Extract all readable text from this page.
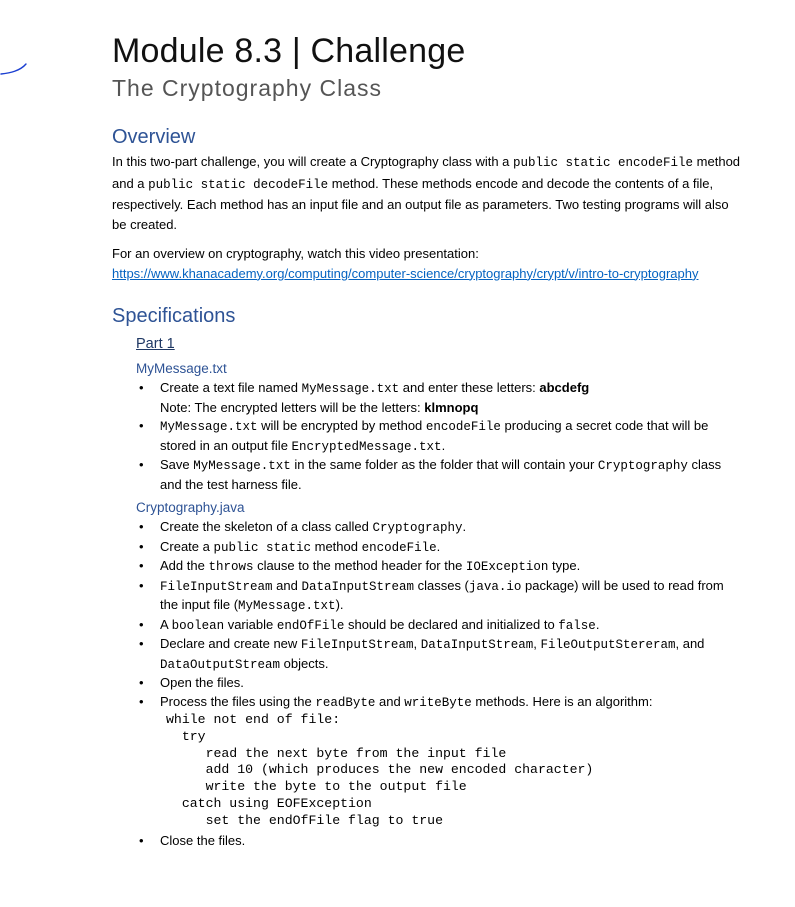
Module 8.3 | Challenge
The Cryptography Class
Overview

In this two-part challenge, you will create a Cryptography class with a public static encodeFile method and a public static decodeFile method. These methods encode and decode the contents of a file, respectively. Each method has an input file and an output file as parameters. Two testing programs will also be created.

For an overview on cryptography, watch this video presentation:
https://www.khanacademy.org/computing/computer-science/cryptography/crypt/v/intro-to-cryptography

Specifications
Part 1
MyMessage.txt
• Create a text file named MyMessage.txt and enter these letters: abcdefg
Note: The encrypted letters will be the letters: klmnopq
• MyMessage.txt will be encrypted by method encodeFile producing a secret code that will be stored in an output file EncryptedMessage.txt.
• Save MyMessage.txt in the same folder as the folder that will contain your Cryptography class and the test harness file.
Cryptography.java
• Create the skeleton of a class called Cryptography.
• Create a public static method encodeFile.
• Add the throws clause to the method header for the IOException type.
• FileInputStream and DataInputStream classes (java.io package) will be used to read from the input file (MyMessage.txt).
• A boolean variable endOfFile should be declared and initialized to false.
• Declare and create new FileInputStream, DataInputStream, FileOutputStereram, and DataOutputStream objects.
• Open the files.
• Process the files using the readByte and writeByte methods. Here is an algorithm:
while not end of file:
try
read the next byte from the input file
add 10 (which produces the new encoded character)
write the byte to the output file
catch using EOFException
set the endOfFile flag to true
• Close the files.
